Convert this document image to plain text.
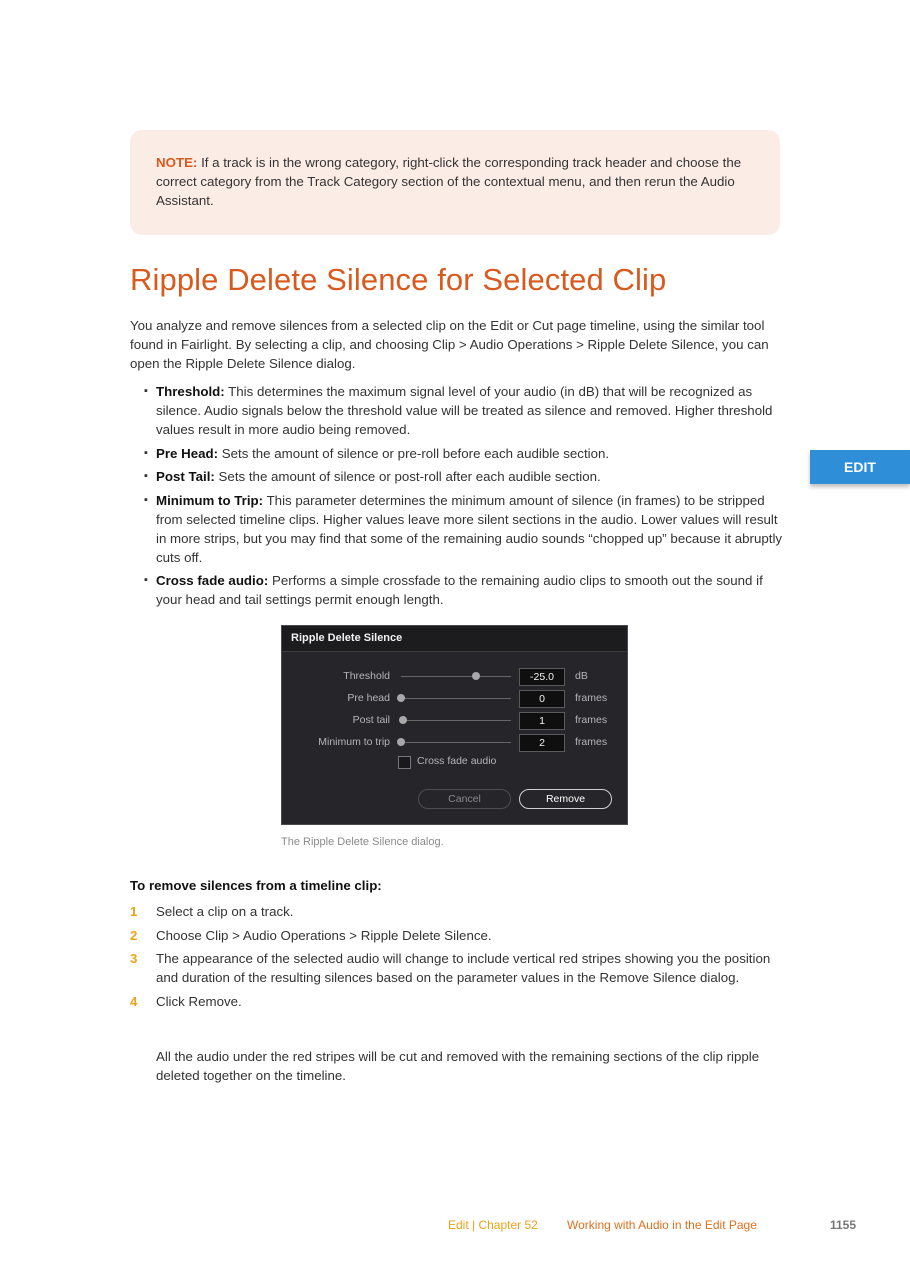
NOTE: If a track is in the wrong category, right-click the corresponding track header and choose the correct category from the Track Category section of the contextual menu, and then rerun the Audio Assistant.
Ripple Delete Silence for Selected Clip

You analyze and remove silences from a selected clip on the Edit or Cut page timeline, using the similar tool found in Fairlight. By selecting a clip, and choosing Clip > Audio Operations > Ripple Delete Silence, you can open the Ripple Delete Silence dialog.

▪ Threshold: This determines the maximum signal level of your audio (in dB) that will be recognized as silence. Audio signals below the threshold value will be treated as silence and removed. Higher threshold values result in more audio being removed.
▪ Pre Head: Sets the amount of silence or pre-roll before each audible section.
▪ Post Tail: Sets the amount of silence or post-roll after each audible section.
▪ Minimum to Trip: This parameter determines the minimum amount of silence (in frames) to be stripped from selected timeline clips. Higher values leave more silent sections in the audio. Lower values will result in more strips, but you may find that some of the remaining audio sounds “chopped up” because it abruptly cuts off.
▪ Cross fade audio: Performs a simple crossfade to the remaining audio clips to smooth out the sound if your head and tail settings permit enough length.
EDIT
Ripple Delete Silence
Threshold	-25.0	dB
Pre head	0	frames
Post tail	1	frames
Minimum to trip	2	frames
Cross fade audio
Cancel	Remove
The Ripple Delete Silence dialog.
To remove silences from a timeline clip:
1 Select a clip on a track.
2 Choose Clip > Audio Operations > Ripple Delete Silence.
3 The appearance of the selected audio will change to include vertical red stripes showing you the position and duration of the resulting silences based on the parameter values in the Remove Silence dialog.
4 Click Remove.

All the audio under the red stripes will be cut and removed with the remaining sections of the clip ripple deleted together on the timeline.

Edit | Chapter 52 Working with Audio in the Edit Page	1155
